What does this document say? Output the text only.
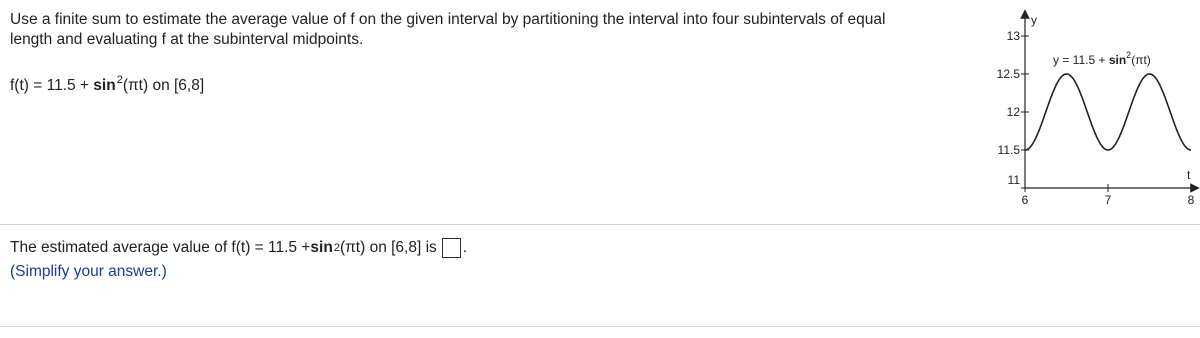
Use a finite sum to estimate the average value of f on the given interval by partitioning the interval into four subintervals of equal
length and evaluating f at the subinterval midpoints.
$f(t) = 11.5 + \sin^2(\pi t)$ on [6,8]
y
t
13
12.5
12
11.5
11
6	7	8
$y = 11.5 + \sin^2(\pi t)$
The estimated average value of f(t) = 11.5 + sin 2 (πt) on [6,8] is .
(Simplify your answer.)
